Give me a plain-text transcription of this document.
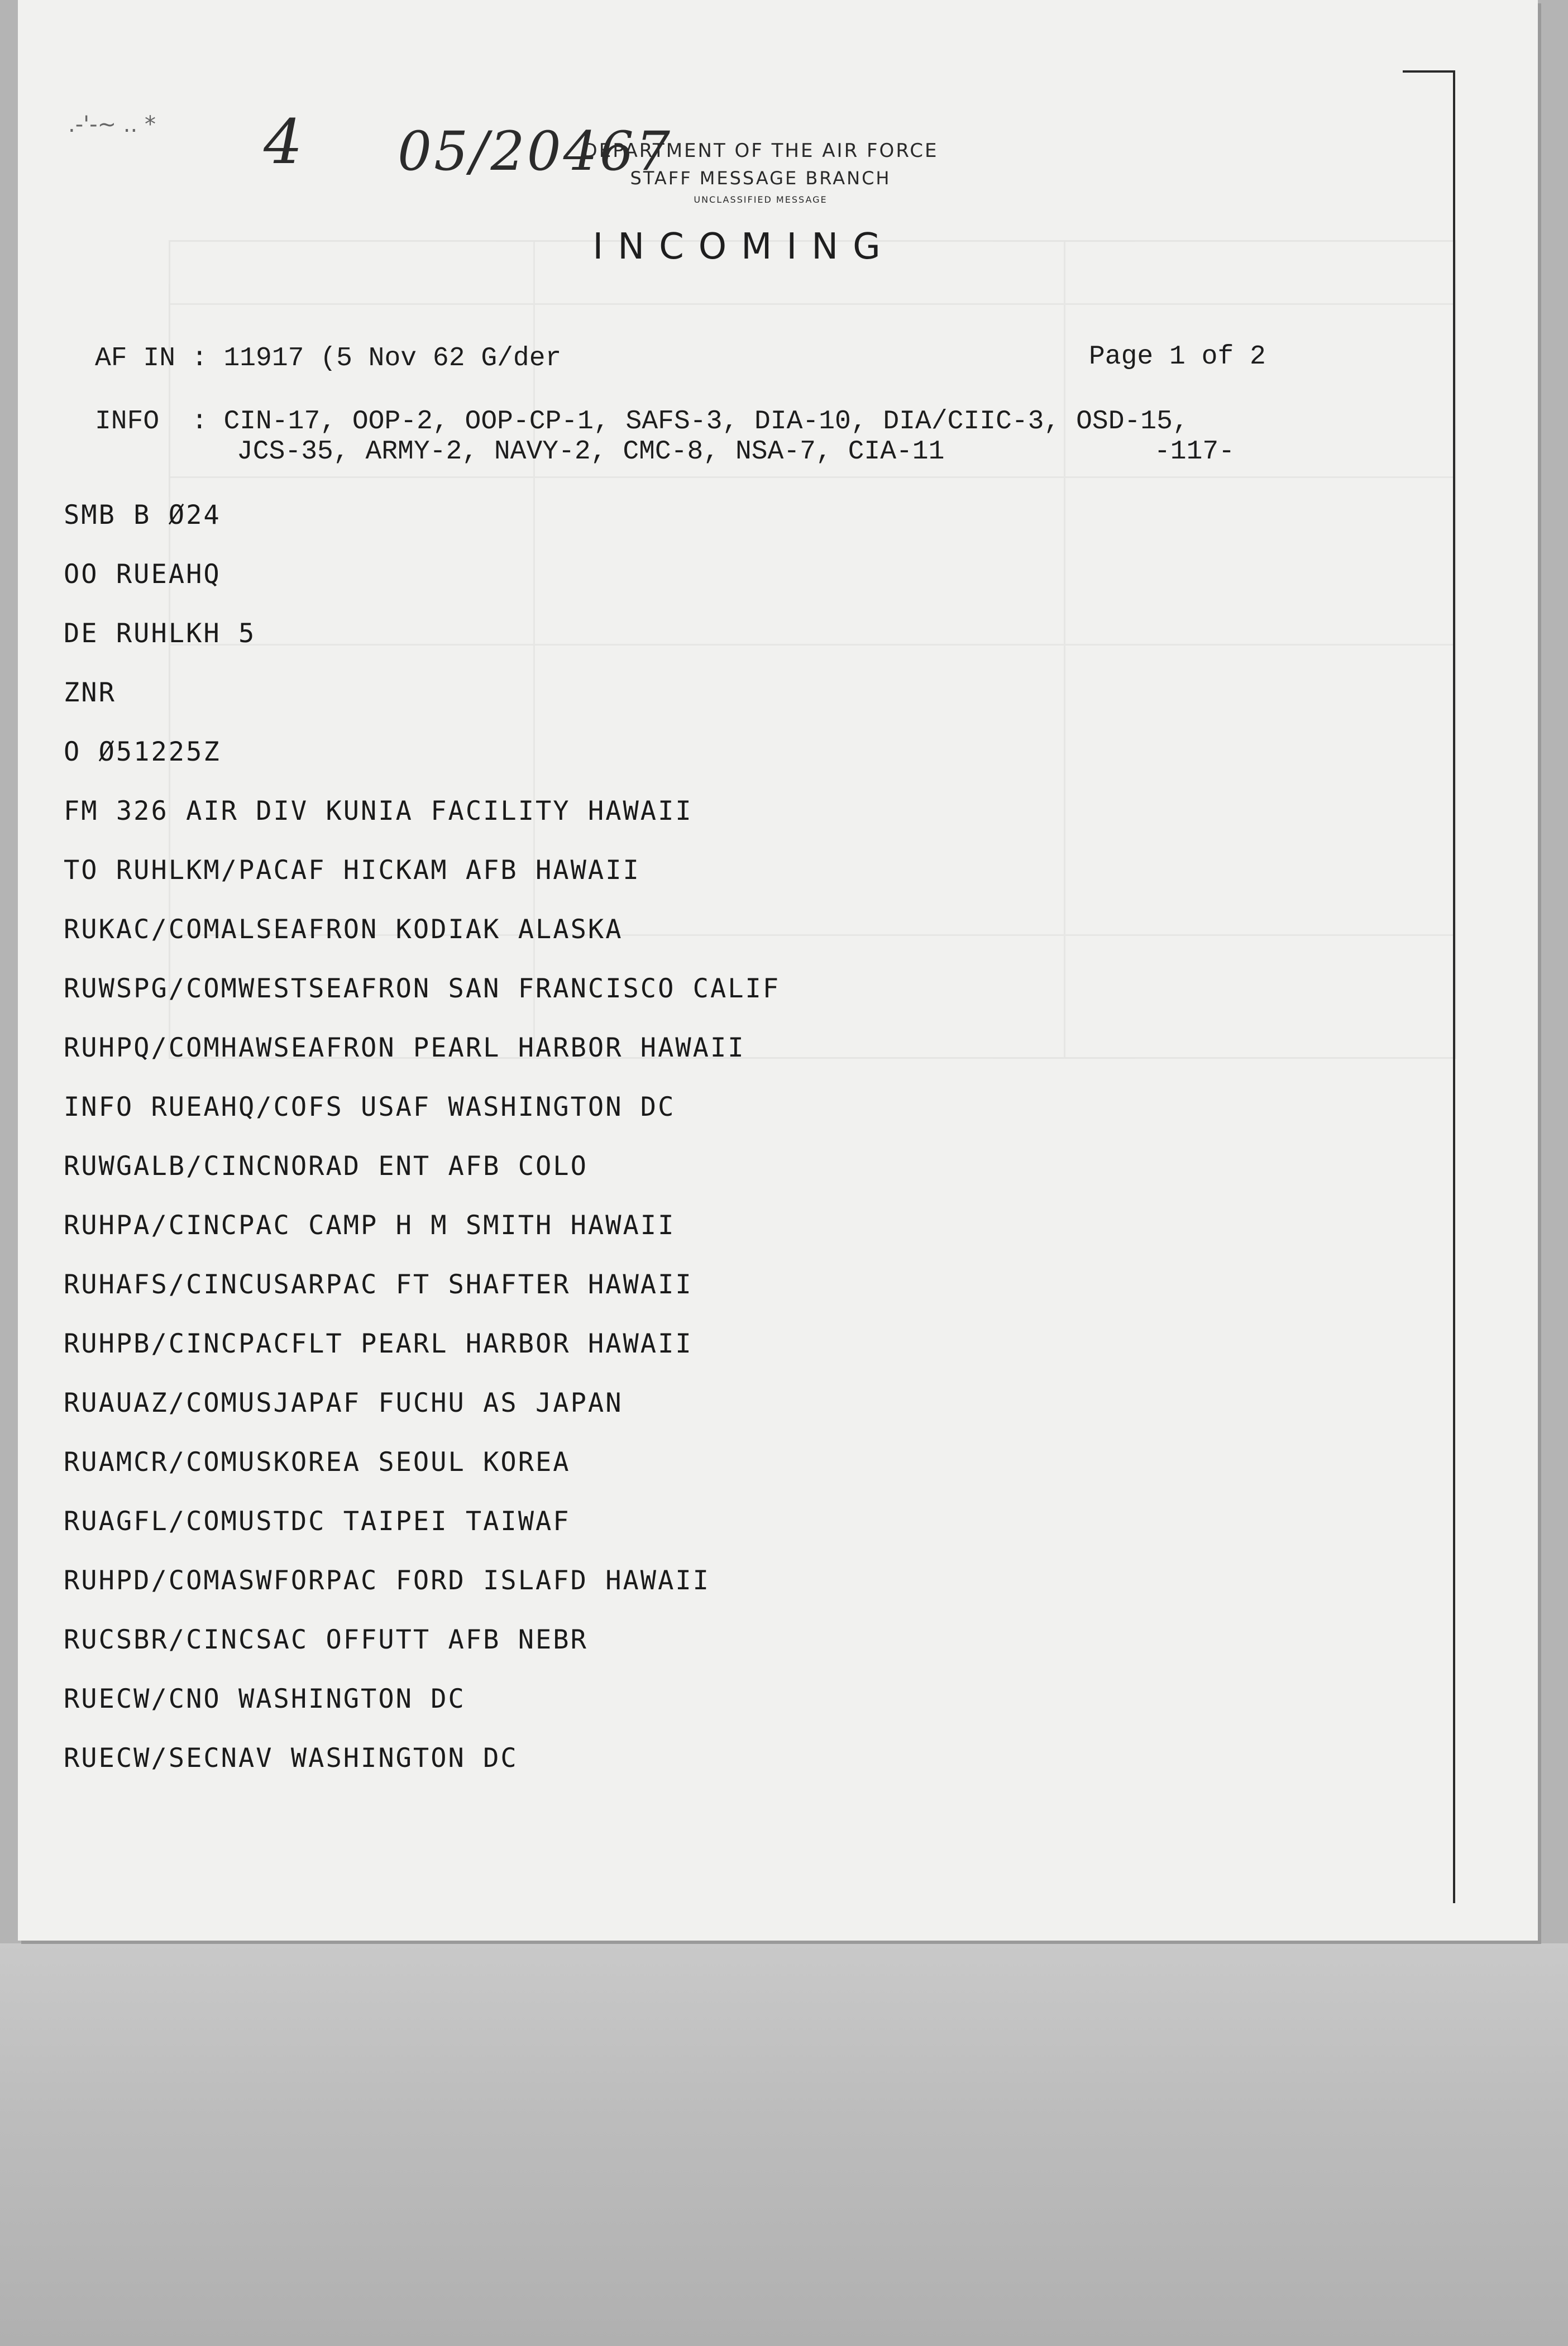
.-'-~ .. * 4 05/20467
DEPARTMENT OF THE AIR FORCE
STAFF MESSAGE BRANCH
UNCLASSIFIED MESSAGE
INCOMING
AF IN : 11917 (5 Nov 62 G/der	Page 1 of 2
INFO  : CIN-17, OOP-2, OOP-CP-1, SAFS-3, DIA-10, DIA/CIIC-3, OSD-15,
JCS-35, ARMY-2, NAVY-2, CMC-8, NSA-7, CIA-11	-117-
SMB B Ø24
OO RUEAHQ
DE RUHLKH 5
ZNR
O Ø51225Z
FM 326 AIR DIV KUNIA FACILITY HAWAII
TO RUHLKM/PACAF HICKAM AFB HAWAII
RUKAC/COMALSEAFRON KODIAK ALASKA
RUWSPG/COMWESTSEAFRON SAN FRANCISCO CALIF
RUHPQ/COMHAWSEAFRON PEARL HARBOR HAWAII
INFO RUEAHQ/COFS USAF WASHINGTON DC
RUWGALB/CINCNORAD ENT AFB COLO
RUHPA/CINCPAC CAMP H M SMITH HAWAII
RUHAFS/CINCUSARPAC FT SHAFTER HAWAII
RUHPB/CINCPACFLT PEARL HARBOR HAWAII
RUAUAZ/COMUSJAPAF FUCHU AS JAPAN
RUAMCR/COMUSKOREA SEOUL KOREA
RUAGFL/COMUSTDC TAIPEI TAIWAF
RUHPD/COMASWFORPAC FORD ISLAFD HAWAII
RUCSBR/CINCSAC OFFUTT AFB NEBR
RUECW/CNO WASHINGTON DC
RUECW/SECNAV WASHINGTON DC
